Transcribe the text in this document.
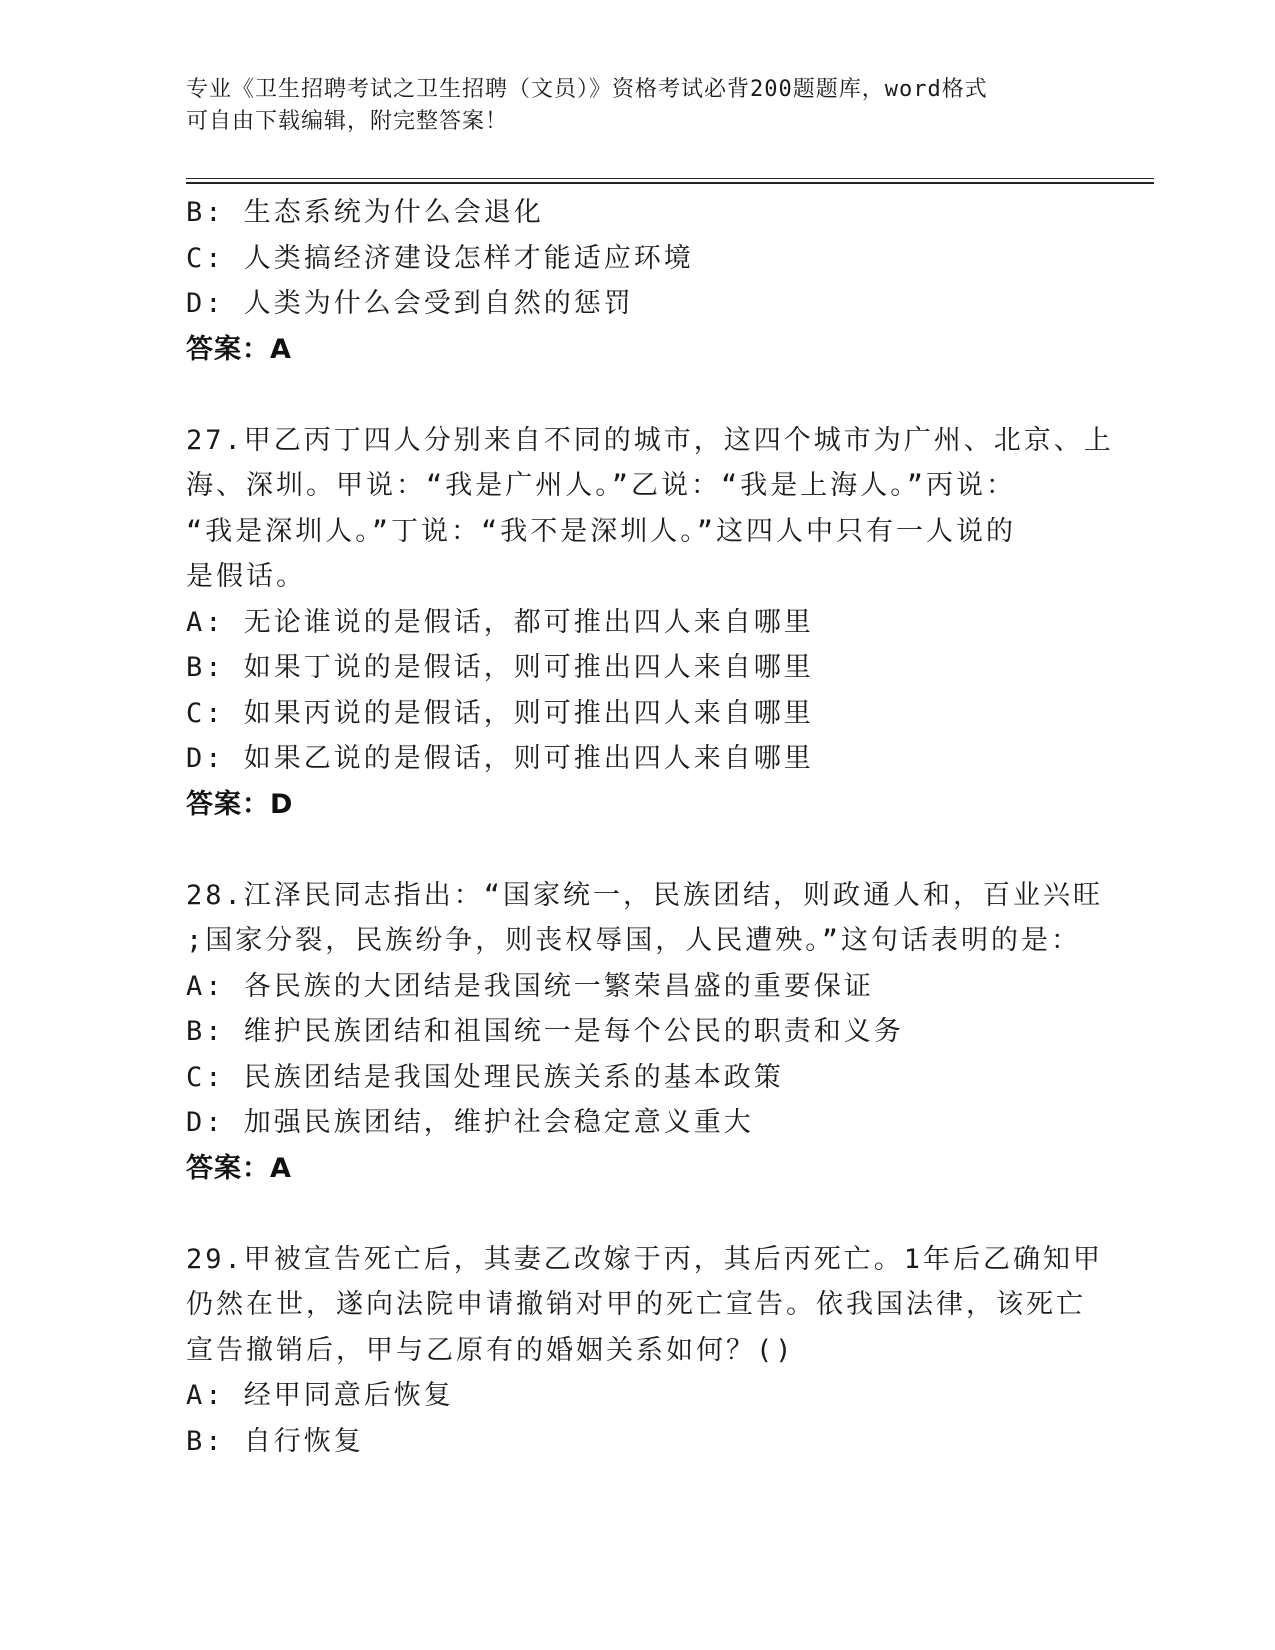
专业《卫生招聘考试之卫生招聘（文员）》资格考试必背200题题库，word格式
可自由下载编辑，附完整答案！
B: 生态系统为什么会退化
C: 人类搞经济建设怎样才能适应环境
D: 人类为什么会受到自然的惩罚
答案：A
27.甲乙丙丁四人分别来自不同的城市，这四个城市为广州、北京、上
海、深圳。甲说：“我是广州人。”乙说：“我是上海人。”丙说：
“我是深圳人。”丁说：“我不是深圳人。”这四人中只有一人说的
是假话。
A: 无论谁说的是假话，都可推出四人来自哪里
B: 如果丁说的是假话，则可推出四人来自哪里
C: 如果丙说的是假话，则可推出四人来自哪里
D: 如果乙说的是假话，则可推出四人来自哪里
答案：D
28.江泽民同志指出：“国家统一，民族团结，则政通人和，百业兴旺
;国家分裂，民族纷争，则丧权辱国，人民遭殃。”这句话表明的是：
A: 各民族的大团结是我国统一繁荣昌盛的重要保证
B: 维护民族团结和祖国统一是每个公民的职责和义务
C: 民族团结是我国处理民族关系的基本政策
D: 加强民族团结，维护社会稳定意义重大
答案：A
29.甲被宣告死亡后，其妻乙改嫁于丙，其后丙死亡。1年后乙确知甲
仍然在世，遂向法院申请撤销对甲的死亡宣告。依我国法律，该死亡
宣告撤销后，甲与乙原有的婚姻关系如何？()
A: 经甲同意后恢复
B: 自行恢复
